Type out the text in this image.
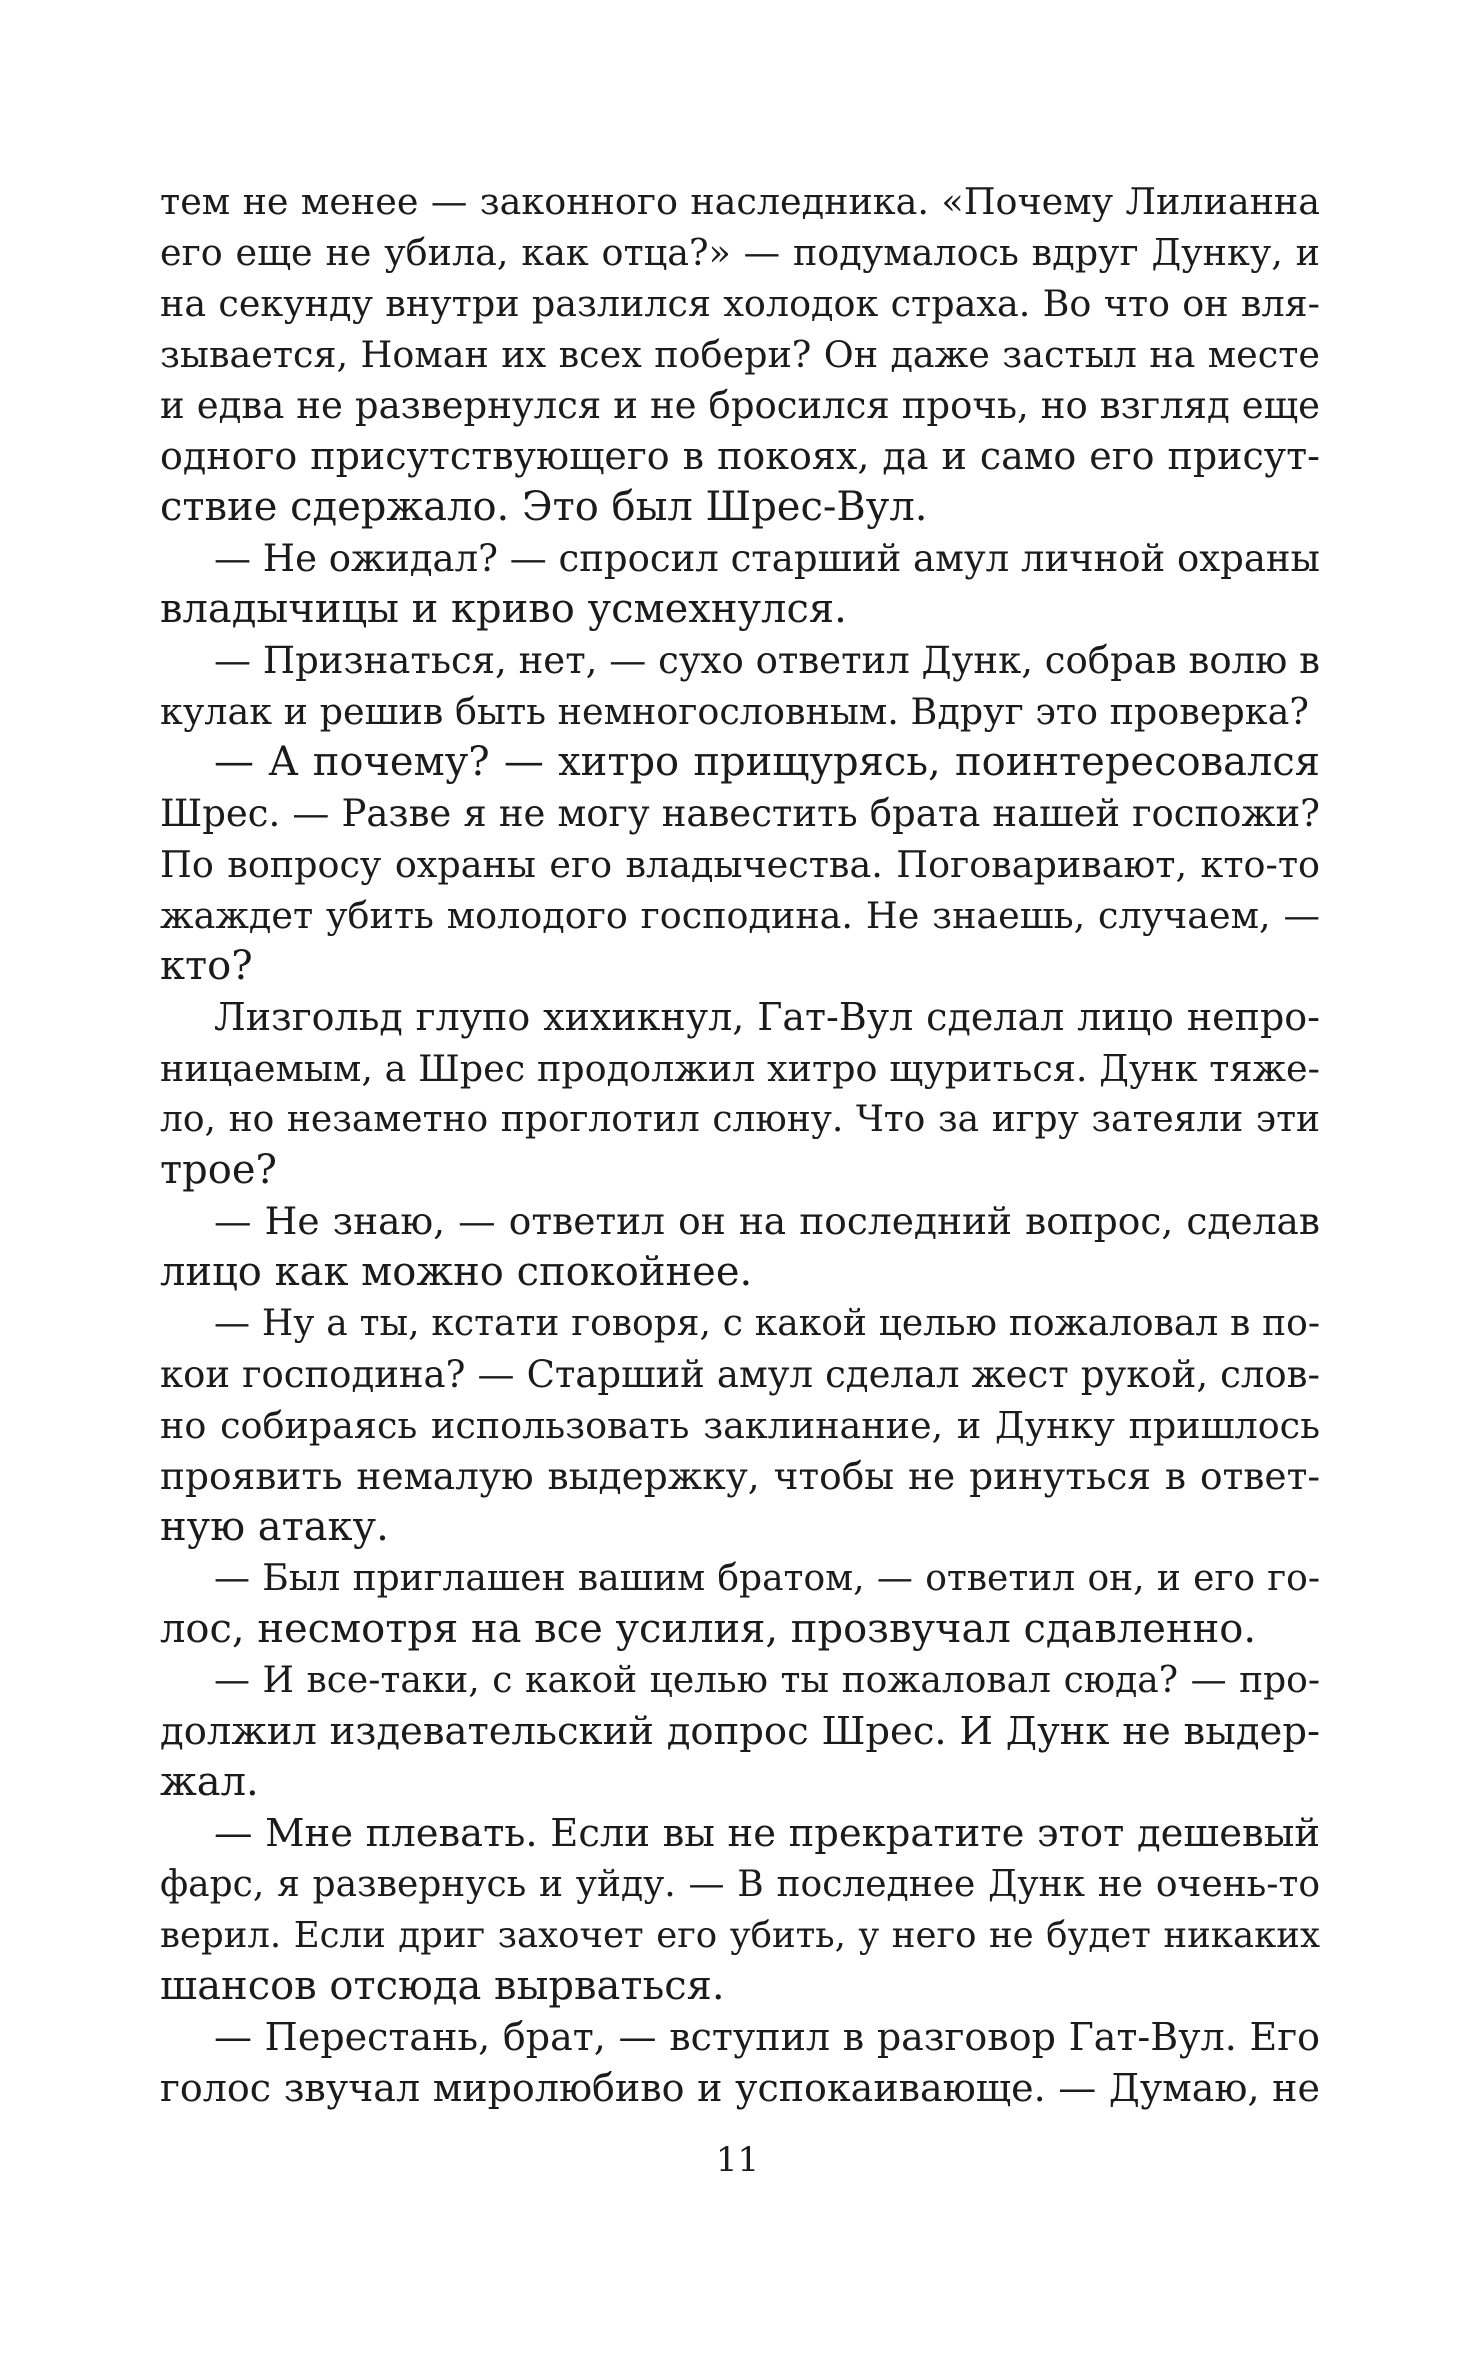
тем не менее — законного наследника. «Почему Лилианна
его еще не убила, как отца?» — подумалось вдруг Дунку, и
на секунду внутри разлился холодок страха. Во что он вля-
зывается, Номан их всех побери? Он даже застыл на месте
и едва не развернулся и не бросился прочь, но взгляд еще
одного присутствующего в покоях, да и само его присут-
ствие сдержало. Это был Шрес-Вул.
— Не ожидал? — спросил старший амул личной охраны
владычицы и криво усмехнулся.
— Признаться, нет, — сухо ответил Дунк, собрав волю в
кулак и решив быть немногословным. Вдруг это проверка?
— А почему? — хитро прищурясь, поинтересовался
Шрес. — Разве я не могу навестить брата нашей госпожи?
По вопросу охраны его владычества. Поговаривают, кто-то
жаждет убить молодого господина. Не знаешь, случаем, —
кто?
Лизгольд глупо хихикнул, Гат-Вул сделал лицо непро-
ницаемым, а Шрес продолжил хитро щуриться. Дунк тяже-
ло, но незаметно проглотил слюну. Что за игру затеяли эти
трое?
— Не знаю, — ответил он на последний вопрос, сделав
лицо как можно спокойнее.
— Ну а ты, кстати говоря, с какой целью пожаловал в по-
кои господина? — Старший амул сделал жест рукой, слов-
но собираясь использовать заклинание, и Дунку пришлось
проявить немалую выдержку, чтобы не ринуться в ответ-
ную атаку.
— Был приглашен вашим братом, — ответил он, и его го-
лос, несмотря на все усилия, прозвучал сдавленно.
— И все-таки, с какой целью ты пожаловал сюда? — про-
должил издевательский допрос Шрес. И Дунк не выдер-
жал.
— Мне плевать. Если вы не прекратите этот дешевый
фарс, я развернусь и уйду. — В последнее Дунк не очень-то
верил. Если дриг захочет его убить, у него не будет никаких
шансов отсюда вырваться.
— Перестань, брат, — вступил в разговор Гат-Вул. Его
голос звучал миролюбиво и успокаивающе. — Думаю, не
11
